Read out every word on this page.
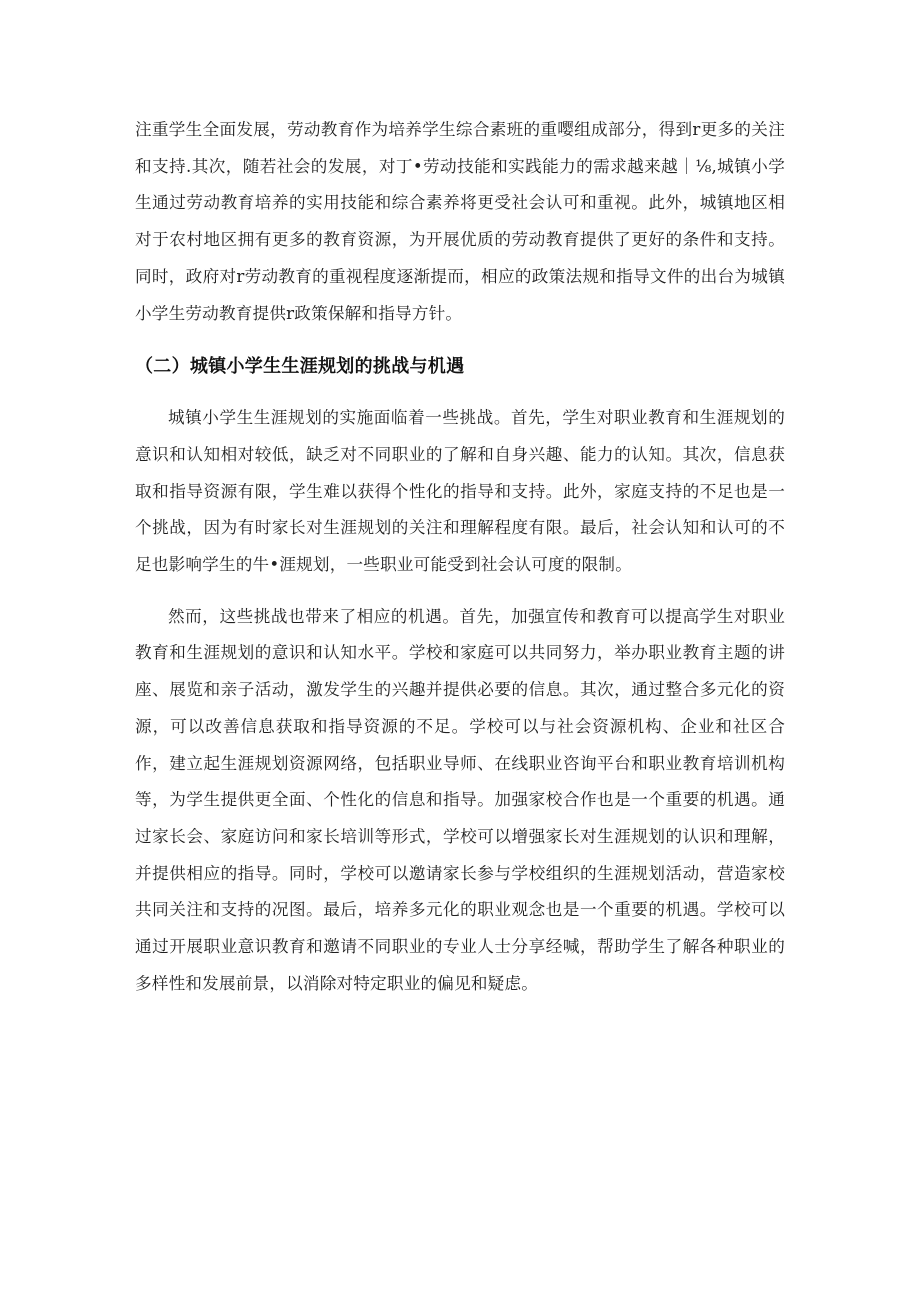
注重学生全面发展，劳动教育作为培养学生综合素班的重嘤组成部分，得到r更多的关注和支持.其次，随若社会的发展，对丁•劳动技能和实践能力的需求越来越｜⅛,城镇小学生通过劳动教育培养的实用技能和综合素养将更受社会认可和重视。此外，城镇地区相对于农村地区拥有更多的教育资源，为开展优质的劳动教育提供了更好的条件和支持。同时，政府对r劳动教育的重视程度逐渐提而，相应的政策法规和指导文件的出台为城镇小学生劳动教育提供r政策保解和指导方针。

（二）城镇小学生生涯规划的挑战与机遇

城镇小学生生涯规划的实施面临着一些挑战。首先，学生对职业教育和生涯规划的意识和认知相对较低，缺乏对不同职业的了解和自身兴趣、能力的认知。其次，信息获取和指导资源有限，学生难以获得个性化的指导和支持。此外，家庭支持的不足也是一个挑战，因为有时家长对生涯规划的关注和理解程度有限。最后，社会认知和认可的不足也影响学生的牛•涯规划，一些职业可能受到社会认可度的限制。

然而，这些挑战也带来了相应的机遇。首先，加强宣传和教育可以提高学生对职业教育和生涯规划的意识和认知水平。学校和家庭可以共同努力，举办职业教育主题的讲座、展览和亲子活动，激发学生的兴趣并提供必要的信息。其次，通过整合多元化的资源，可以改善信息获取和指导资源的不足。学校可以与社会资源机构、企业和社区合作，建立起生涯规划资源网络，包括职业导师、在线职业咨询平台和职业教育培训机构等，为学生提供更全面、个性化的信息和指导。加强家校合作也是一个重要的机遇。通过家长会、家庭访问和家长培训等形式，学校可以增强家长对生涯规划的认识和理解，并提供相应的指导。同时，学校可以邀请家长参与学校组织的生涯规划活动，营造家校共同关注和支持的况图。最后，培养多元化的职业观念也是一个重要的机遇。学校可以通过开展职业意识教育和邀请不同职业的专业人士分享经喊，帮助学生了解各种职业的多样性和发展前景，以消除对特定职业的偏见和疑虑。
